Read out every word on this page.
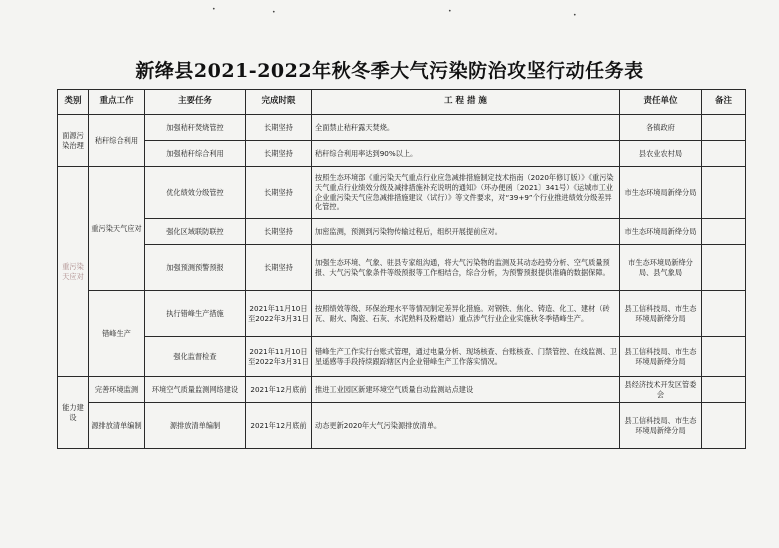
•	•	•
•
新绛县2021-2022年秋冬季大气污染防治攻坚行动任务表
类别	重点工作	主要任务	完成时限	工 程 措 施	责任单位	备注
面源污染治理	秸秆综合利用	加强秸秆焚烧管控	长期坚持	全面禁止秸秆露天焚烧。	各镇政府	
		加强秸秆综合利用	长期坚持	秸秆综合利用率达到90%以上。	县农业农村局	
重污染天应对	重污染天气应对	优化绩效分级管控	长期坚持	按照生态环境部《重污染天气重点行业应急减排措施制定技术指南（2020年修订版）》《重污染天气重点行业绩效分级及减排措施补充说明的通知》（环办便函〔2021〕341号）《运城市工业企业重污染天气应急减排措施建议（试行）》等文件要求，对“39+9”个行业推进绩效分级差异化管控。	市生态环境局新绛分局	
		强化区域联防联控	长期坚持	加密监测，预测到污染物传输过程后，组织开展提前应对。	市生态环境局新绛分局	
		加强预测预警预报	长期坚持	加强生态环境、气象、驻县专家组沟通，将大气污染物的监测及其动态趋势分析、空气质量预报、大气污染气象条件等级预报等工作相结合，综合分析，为预警预报提供准确的数据保障。	市生态环境局新绛分局、县气象局	
	错峰生产	执行错峰生产措施	2021年11月10日至2022年3月31日	按照绩效等级、环保治理水平等情况制定差异化措施。对钢铁、焦化、铸造、化工、建材（砖瓦、耐火、陶瓷、石灰、水泥熟料及粉磨站）重点涉气行业企业实施秋冬季错峰生产。	县工信科技局、市生态环境局新绛分局	
		强化监督检查	2021年11月10日至2022年3月31日	错峰生产工作实行台账式管理，通过电量分析、现场核查、台账核查、门禁管控、在线监测、卫星遥感等手段持续跟踪辖区内企业错峰生产工作落实情况。	县工信科技局、市生态环境局新绛分局	
能力建设	完善环境监测	环境空气质量监测网络建设	2021年12月底前	推进工业园区新建环境空气质量自动监测站点建设	县经济技术开发区管委会	
	源排放清单编制	源排放清单编制	2021年12月底前	动态更新2020年大气污染源排放清单。	县工信科技局、市生态环境局新绛分局	
